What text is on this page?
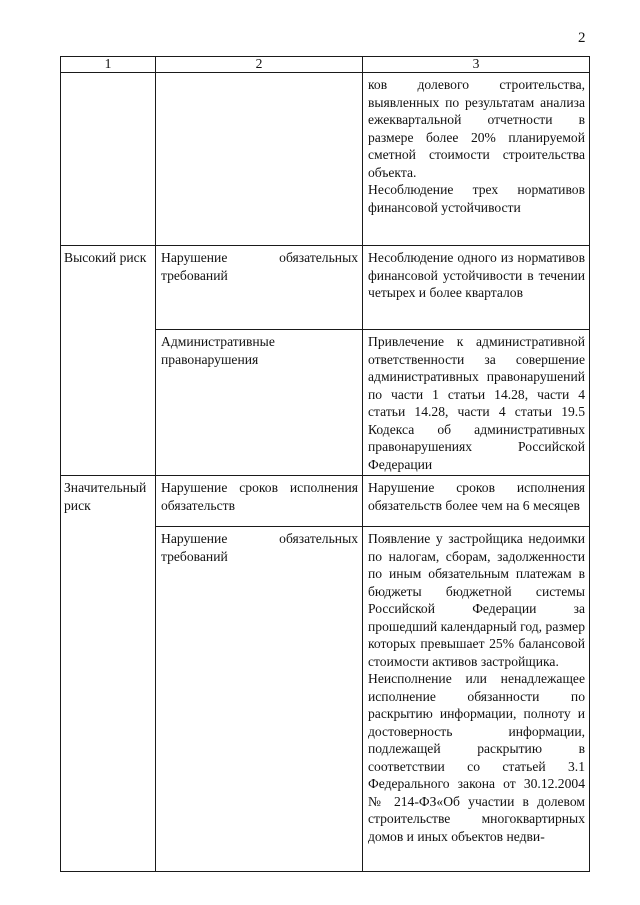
2
1	2	3

		ков долевого строительства, выявленных по результатам анализа ежеквартальной отчетности в размере более 20% планируемой сметной стоимости строительства объекта.

Несоблюдение трех нормативов финансовой устойчивости

Высокий риск	Нарушение обязательных требований	Несоблюдение одного из нормативов финансовой устойчивости в течении четырех и более кварталов

	Административные правонарушения	Привлечение к административной ответственности за совершение административных правонарушений по части 1 статьи 14.28, части 4 статьи 14.28, части 4 статьи 19.5 Кодекса об административных правонарушениях Российской Федерации

Значительный риск	Нарушение сроков исполнения обязательств	Нарушение сроков исполнения обязательств более чем на 6 месяцев

	Нарушение обязательных требований	Появление у застройщика недоимки по налогам, сборам, задолженности по иным обязательным платежам в бюджеты бюджетной системы Российской Федерации за прошедший календарный год, размер которых превышает 25% балансовой стоимости активов застройщика.

Неисполнение или ненадлежащее исполнение обязанности по раскрытию информации, полноту и достоверность информации, подлежащей раскрытию в соответствии со статьей 3.1 Федерального закона от 30.12.2004 № 214-ФЗ«Об участии в долевом строительстве многоквартирных домов и иных объектов недви-
